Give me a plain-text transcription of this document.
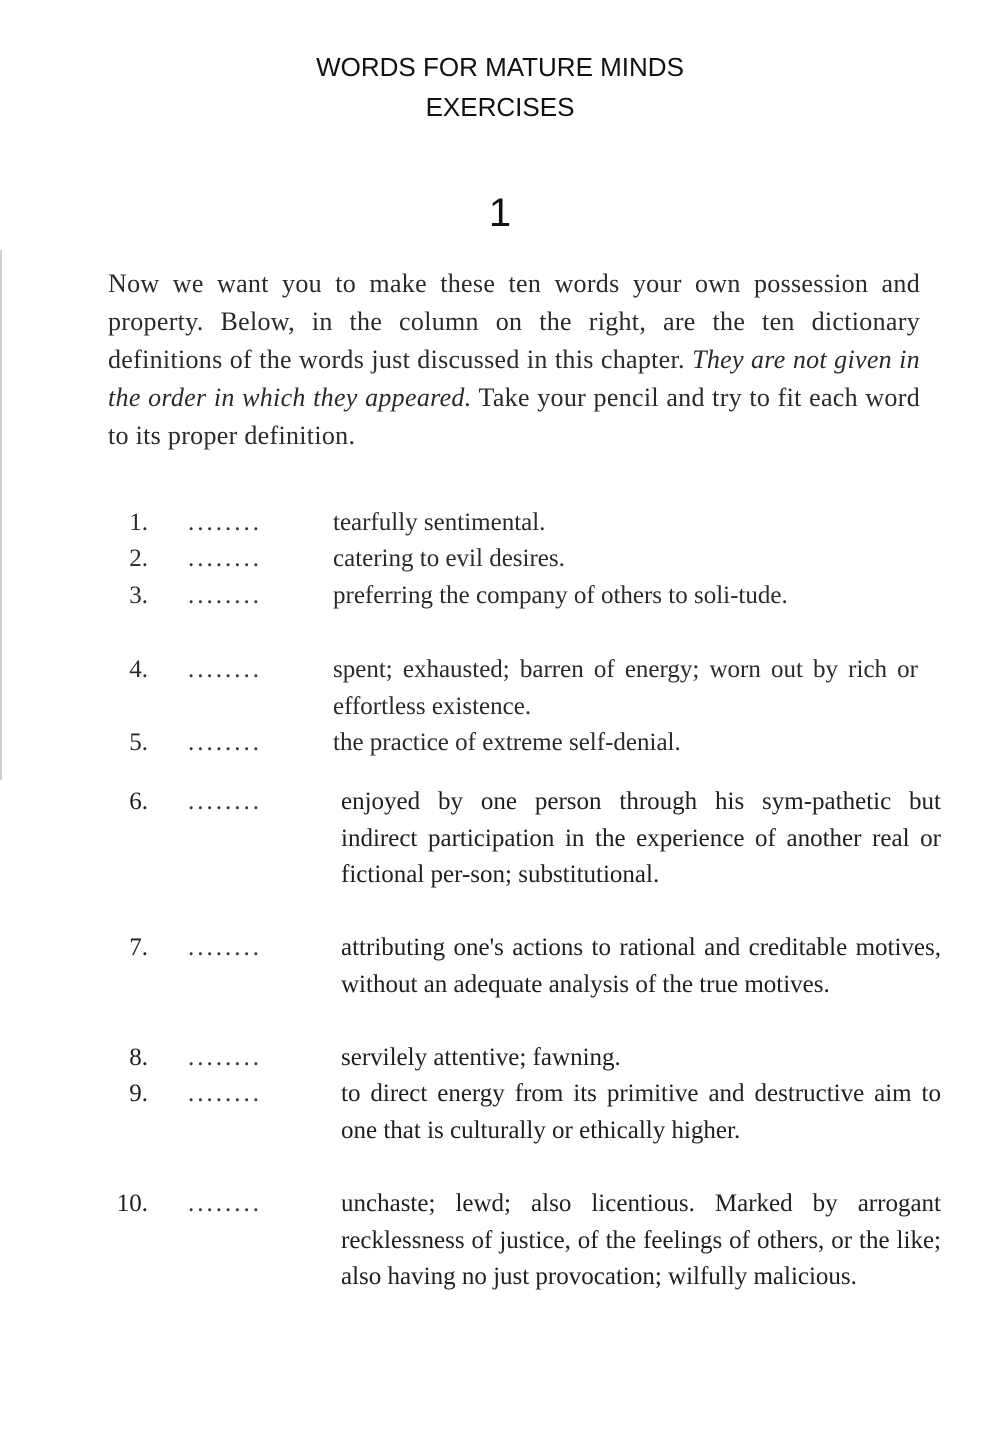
WORDS FOR MATURE MINDS
EXERCISES
1

Now we want you to make these ten words your own possession and property. Below, in the column on the right, are the ten dictionary definitions of the words just discussed in this chapter. They are not given in the order in which they appeared. Take your pencil and try to fit each word to its proper definition.

1. ........	tearfully sentimental.

2. ........	catering to evil desires.

3. ........	preferring the company of others to soli-tude.

4. ........	spent; exhausted; barren of energy; worn out by rich or effortless existence.

5. ........	the practice of extreme self-denial.

6. ........	enjoyed by one person through his sym-pathetic but indirect participation in the experience of another real or fictional per-son; substitutional.

7. ........	attributing one's actions to rational and creditable motives, without an adequate analysis of the true motives.

8. ........	servilely attentive; fawning.

9. ........	to direct energy from its primitive and destructive aim to one that is culturally or ethically higher.

10. ........	unchaste; lewd; also licentious. Marked by arrogant recklessness of justice, of the feelings of others, or the like; also having no just provocation; wilfully malicious.
